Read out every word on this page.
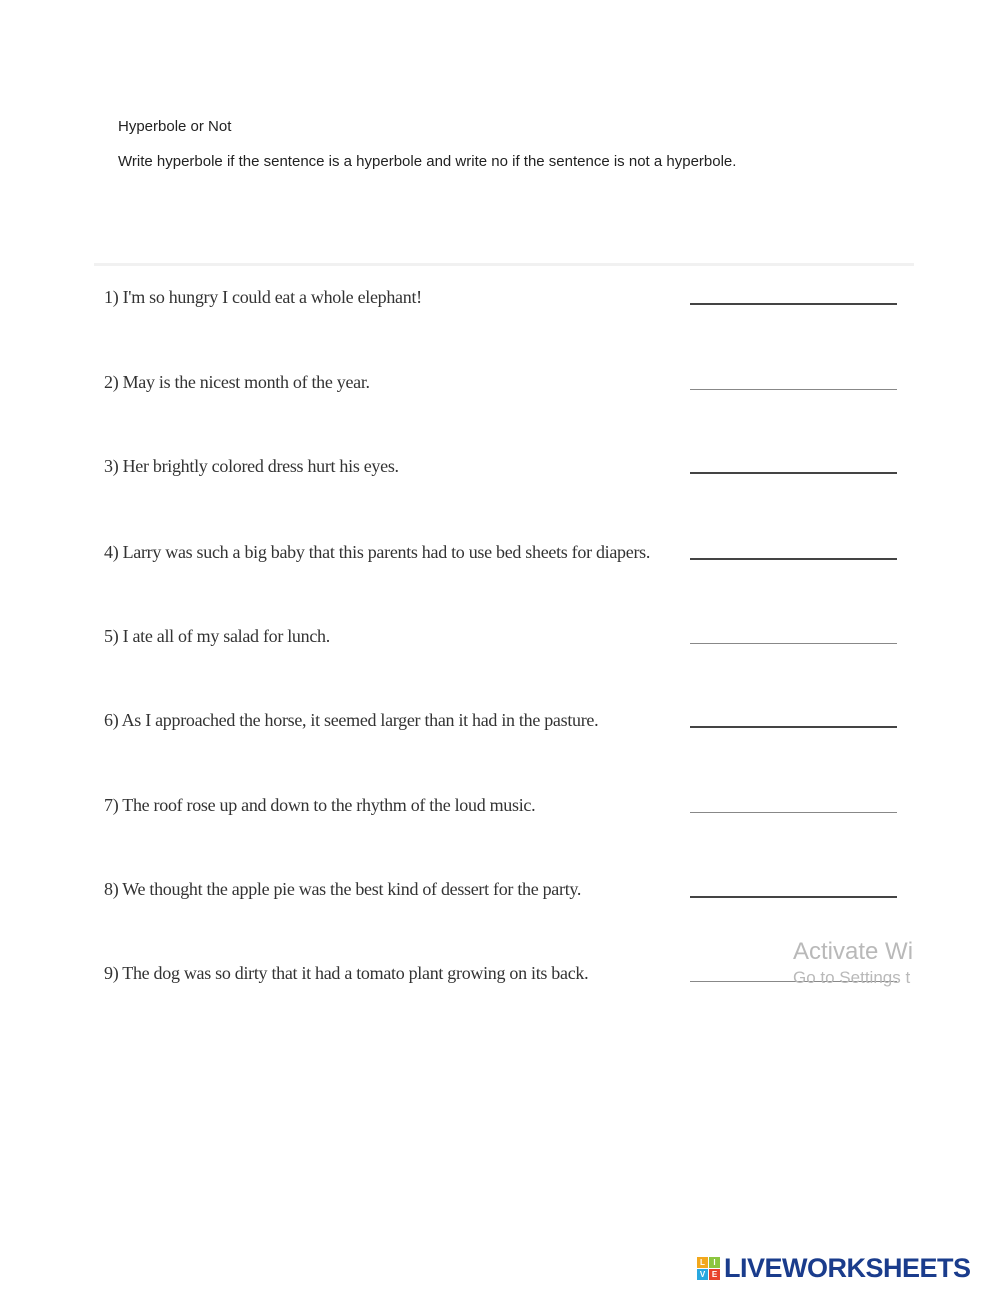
Hyperbole or Not

Write hyperbole if the sentence is a hyperbole and write no if the sentence is not a hyperbole.

1) I'm so hungry I could eat a whole elephant!
2) May is the nicest month of the year.
3) Her brightly colored dress hurt his eyes.
4) Larry was such a big baby that this parents had to use bed sheets for diapers.
5) I ate all of my salad for lunch.
6) As I approached the horse, it seemed larger than it had in the pasture.
7) The roof rose up and down to the rhythm of the loud music.
8) We thought the apple pie was the best kind of dessert for the party.
9) The dog was so dirty that it had a tomato plant growing on its back.
Activate Wi
Go to Settings t
L	I
V E LIVEWORKSHEETS
